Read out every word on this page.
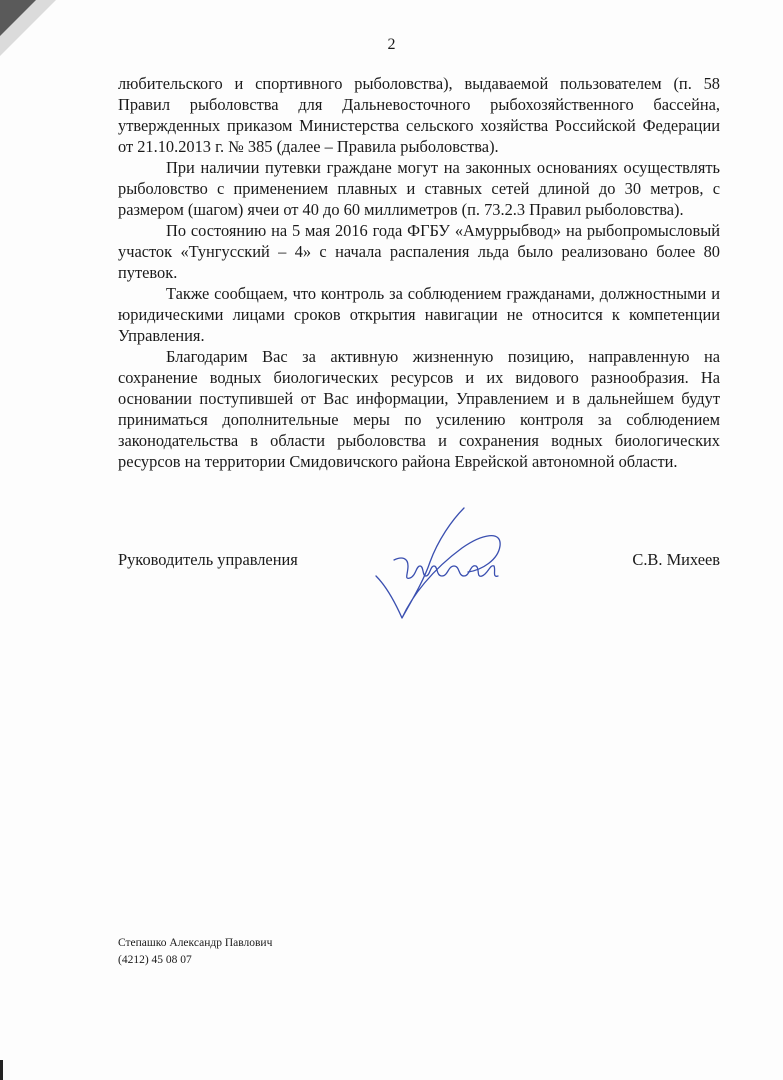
2

любительского и спортивного рыболовства), выдаваемой пользователем (п. 58 Правил рыболовства для Дальневосточного рыбохозяйственного бассейна, утвержденных приказом Министерства сельского хозяйства Российской Федерации от 21.10.2013 г. № 385 (далее – Правила рыболовства).

При наличии путевки граждане могут на законных основаниях осуществлять рыболовство с применением плавных и ставных сетей длиной до 30 метров, с размером (шагом) ячеи от 40 до 60 миллиметров (п. 73.2.3 Правил рыболовства).

По состоянию на 5 мая 2016 года ФГБУ «Амуррыбвод» на рыбопромысловый участок «Тунгусский – 4» с начала распаления льда было реализовано более 80 путевок.

Также сообщаем, что контроль за соблюдением гражданами, должностными и юридическими лицами сроков открытия навигации не относится к компетенции Управления.

Благодарим Вас за активную жизненную позицию, направленную на сохранение водных биологических ресурсов и их видового разнообразия. На основании поступившей от Вас информации, Управлением и в дальнейшем будут приниматься дополнительные меры по усилению контроля за соблюдением законодательства в области рыболовства и сохранения водных биологических ресурсов на территории Смидовичского района Еврейской автономной области.

Руководитель управления	С.В. Михеев
Степашко Александр Павлович
(4212) 45 08 07
